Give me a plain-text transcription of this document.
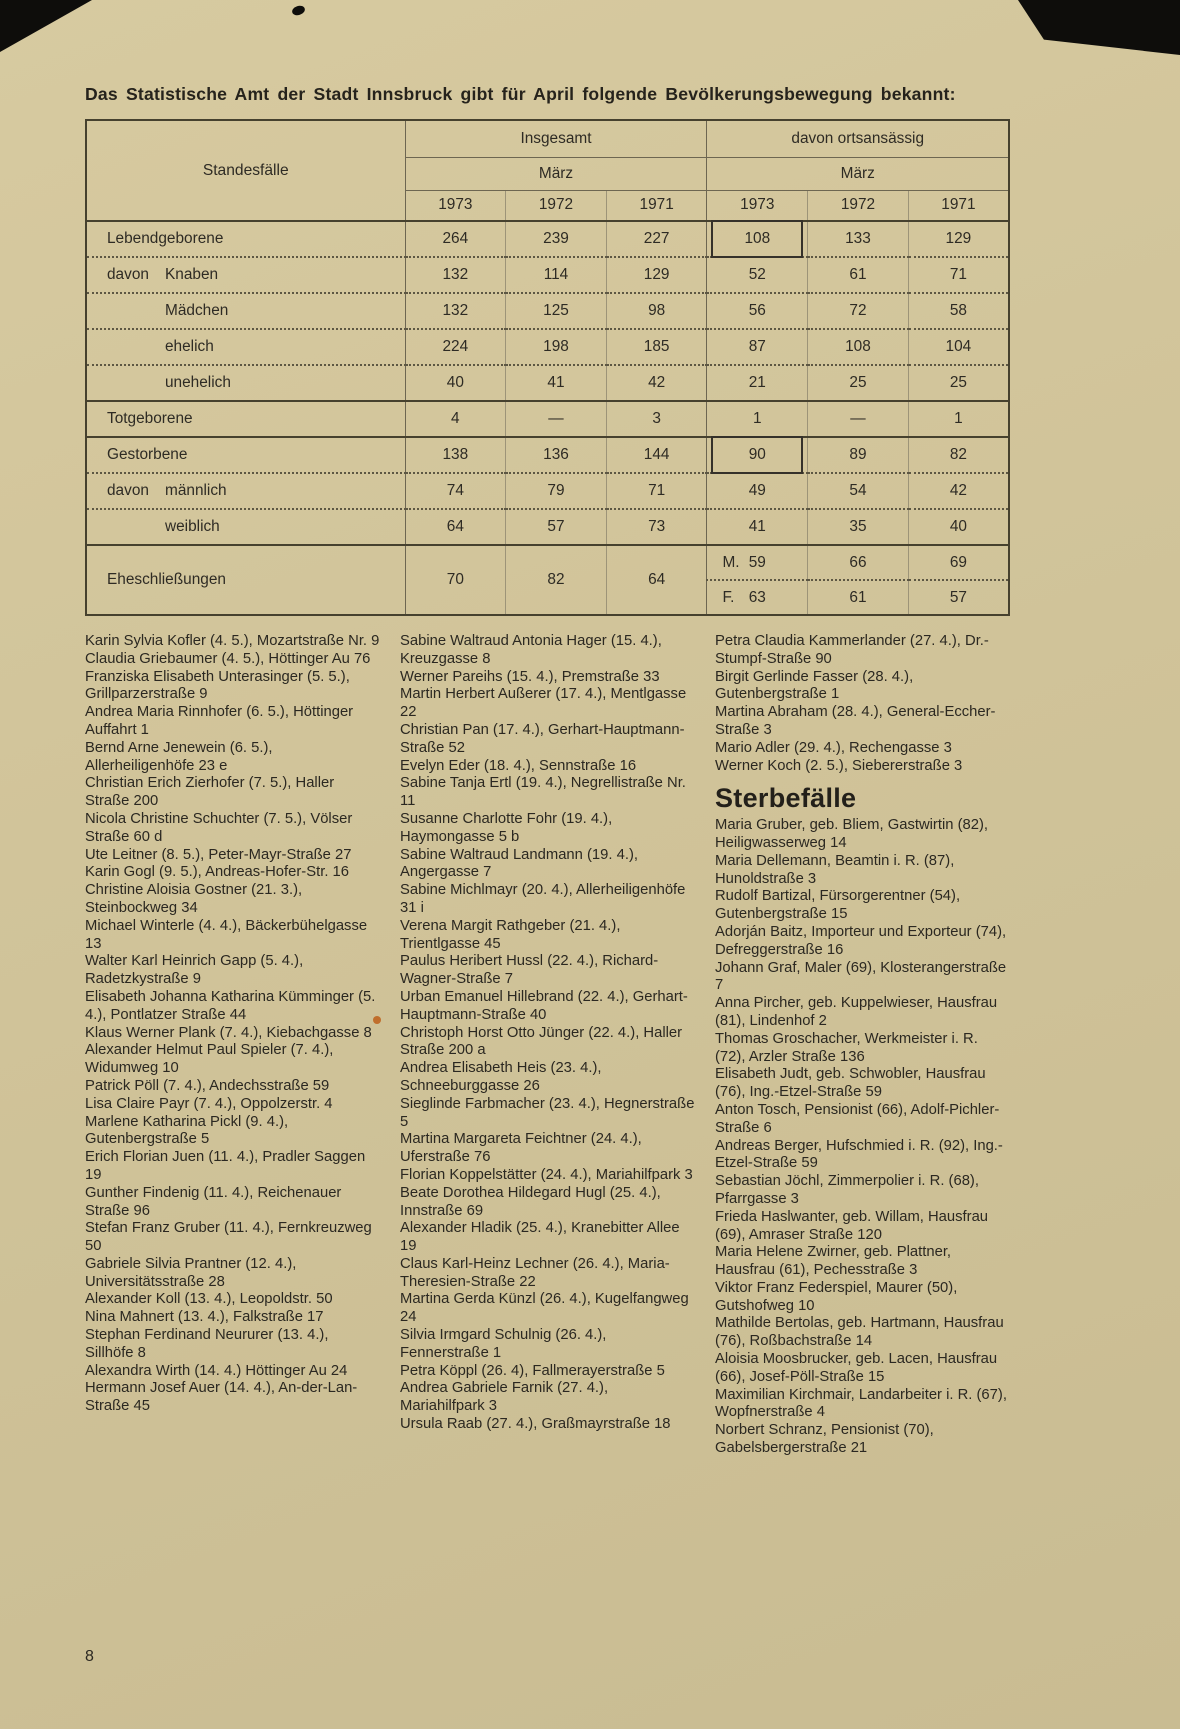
Das Statistische Amt der Stadt Innsbruck gibt für April folgende Bevölkerungsbewegung bekannt:
Standesfälle	Insgesamt			davon ortsansässig		
	März			März		
	1973	1972	1971	1973	1972	1971
Lebendgeborene	264	239	227	108	133	129
davon Knaben	132	114	129	52	61	71
Mädchen	132	125	98	56	72	58
ehelich	224	198	185	87	108	104
unehelich	40	41	42	21	25	25
Totgeborene	4	—	3	1	—	1
Gestorbene	138	136	144	90	89	82
davon männlich	74	79	71	49	54	42
weiblich	64	57	73	41	35	40
Eheschließungen	70	82	64	M. 59	66	69

				F. 63	61	57

Karin Sylvia Kofler (4. 5.), Mozartstraße Nr. 9

Claudia Griebaumer (4. 5.), Höttinger Au 76

Franziska Elisabeth Unterasinger (5. 5.), Grillparzerstraße 9

Andrea Maria Rinnhofer (6. 5.), Höttinger Auffahrt 1

Bernd Arne Jenewein (6. 5.), Allerheiligenhöfe 23 e

Christian Erich Zierhofer (7. 5.), Haller Straße 200

Nicola Christine Schuchter (7. 5.), Völser Straße 60 d

Ute Leitner (8. 5.), Peter-Mayr-Straße 27

Karin Gogl (9. 5.), Andreas-Hofer-Str. 16

Christine Aloisia Gostner (21. 3.), Steinbockweg 34

Michael Winterle (4. 4.), Bäckerbühelgasse 13

Walter Karl Heinrich Gapp (5. 4.), Radetzkystraße 9

Elisabeth Johanna Katharina Kümminger (5. 4.), Pontlatzer Straße 44

Klaus Werner Plank (7. 4.), Kiebachgasse 8

Alexander Helmut Paul Spieler (7. 4.), Widumweg 10

Patrick Pöll (7. 4.), Andechsstraße 59

Lisa Claire Payr (7. 4.), Oppolzerstr. 4

Marlene Katharina Pickl (9. 4.), Gutenbergstraße 5

Erich Florian Juen (11. 4.), Pradler Saggen 19

Gunther Findenig (11. 4.), Reichenauer Straße 96

Stefan Franz Gruber (11. 4.), Fernkreuzweg 50

Gabriele Silvia Prantner (12. 4.), Universitätsstraße 28

Alexander Koll (13. 4.), Leopoldstr. 50

Nina Mahnert (13. 4.), Falkstraße 17

Stephan Ferdinand Neururer (13. 4.), Sillhöfe 8

Alexandra Wirth (14. 4.) Höttinger Au 24

Hermann Josef Auer (14. 4.), An-der-Lan-Straße 45

Sabine Waltraud Antonia Hager (15. 4.), Kreuzgasse 8

Werner Pareihs (15. 4.), Premstraße 33

Martin Herbert Außerer (17. 4.), Mentlgasse 22

Christian Pan (17. 4.), Gerhart-Hauptmann-Straße 52

Evelyn Eder (18. 4.), Sennstraße 16

Sabine Tanja Ertl (19. 4.), Negrellistraße Nr. 11

Susanne Charlotte Fohr (19. 4.), Haymongasse 5 b

Sabine Waltraud Landmann (19. 4.), Angergasse 7

Sabine Michlmayr (20. 4.), Allerheiligenhöfe 31 i

Verena Margit Rathgeber (21. 4.), Trientlgasse 45

Paulus Heribert Hussl (22. 4.), Richard-Wagner-Straße 7

Urban Emanuel Hillebrand (22. 4.), Gerhart-Hauptmann-Straße 40

Christoph Horst Otto Jünger (22. 4.), Haller Straße 200 a

Andrea Elisabeth Heis (23. 4.), Schneeburggasse 26

Sieglinde Farbmacher (23. 4.), Hegnerstraße 5

Martina Margareta Feichtner (24. 4.), Uferstraße 76

Florian Koppelstätter (24. 4.), Mariahilfpark 3

Beate Dorothea Hildegard Hugl (25. 4.), Innstraße 69

Alexander Hladik (25. 4.), Kranebitter Allee 19

Claus Karl-Heinz Lechner (26. 4.), Maria-Theresien-Straße 22

Martina Gerda Künzl (26. 4.), Kugelfangweg 24

Silvia Irmgard Schulnig (26. 4.), Fennerstraße 1

Petra Köppl (26. 4), Fallmerayerstraße 5

Andrea Gabriele Farnik (27. 4.), Mariahilfpark 3

Ursula Raab (27. 4.), Graßmayrstraße 18

Petra Claudia Kammerlander (27. 4.), Dr.-Stumpf-Straße 90

Birgit Gerlinde Fasser (28. 4.), Gutenbergstraße 1

Martina Abraham (28. 4.), General-Eccher-Straße 3

Mario Adler (29. 4.), Rechengasse 3

Werner Koch (2. 5.), Siebererstraße 3

Sterbefälle

Maria Gruber, geb. Bliem, Gastwirtin (82), Heiligwasserweg 14

Maria Dellemann, Beamtin i. R. (87), Hunoldstraße 3

Rudolf Bartizal, Fürsorgerentner (54), Gutenbergstraße 15

Adorján Baitz, Importeur und Exporteur (74), Defreggerstraße 16

Johann Graf, Maler (69), Klosterangerstraße 7

Anna Pircher, geb. Kuppelwieser, Hausfrau (81), Lindenhof 2

Thomas Groschacher, Werkmeister i. R. (72), Arzler Straße 136

Elisabeth Judt, geb. Schwobler, Hausfrau (76), Ing.-Etzel-Straße 59

Anton Tosch, Pensionist (66), Adolf-Pichler-Straße 6

Andreas Berger, Hufschmied i. R. (92), Ing.-Etzel-Straße 59

Sebastian Jöchl, Zimmerpolier i. R. (68), Pfarrgasse 3

Frieda Haslwanter, geb. Willam, Hausfrau (69), Amraser Straße 120

Maria Helene Zwirner, geb. Plattner, Hausfrau (61), Pechesstraße 3

Viktor Franz Federspiel, Maurer (50), Gutshofweg 10

Mathilde Bertolas, geb. Hartmann, Hausfrau (76), Roßbachstraße 14

Aloisia Moosbrucker, geb. Lacen, Hausfrau (66), Josef-Pöll-Straße 15

Maximilian Kirchmair, Landarbeiter i. R. (67), Wopfnerstraße 4

Norbert Schranz, Pensionist (70), Gabelsbergerstraße 21

8
